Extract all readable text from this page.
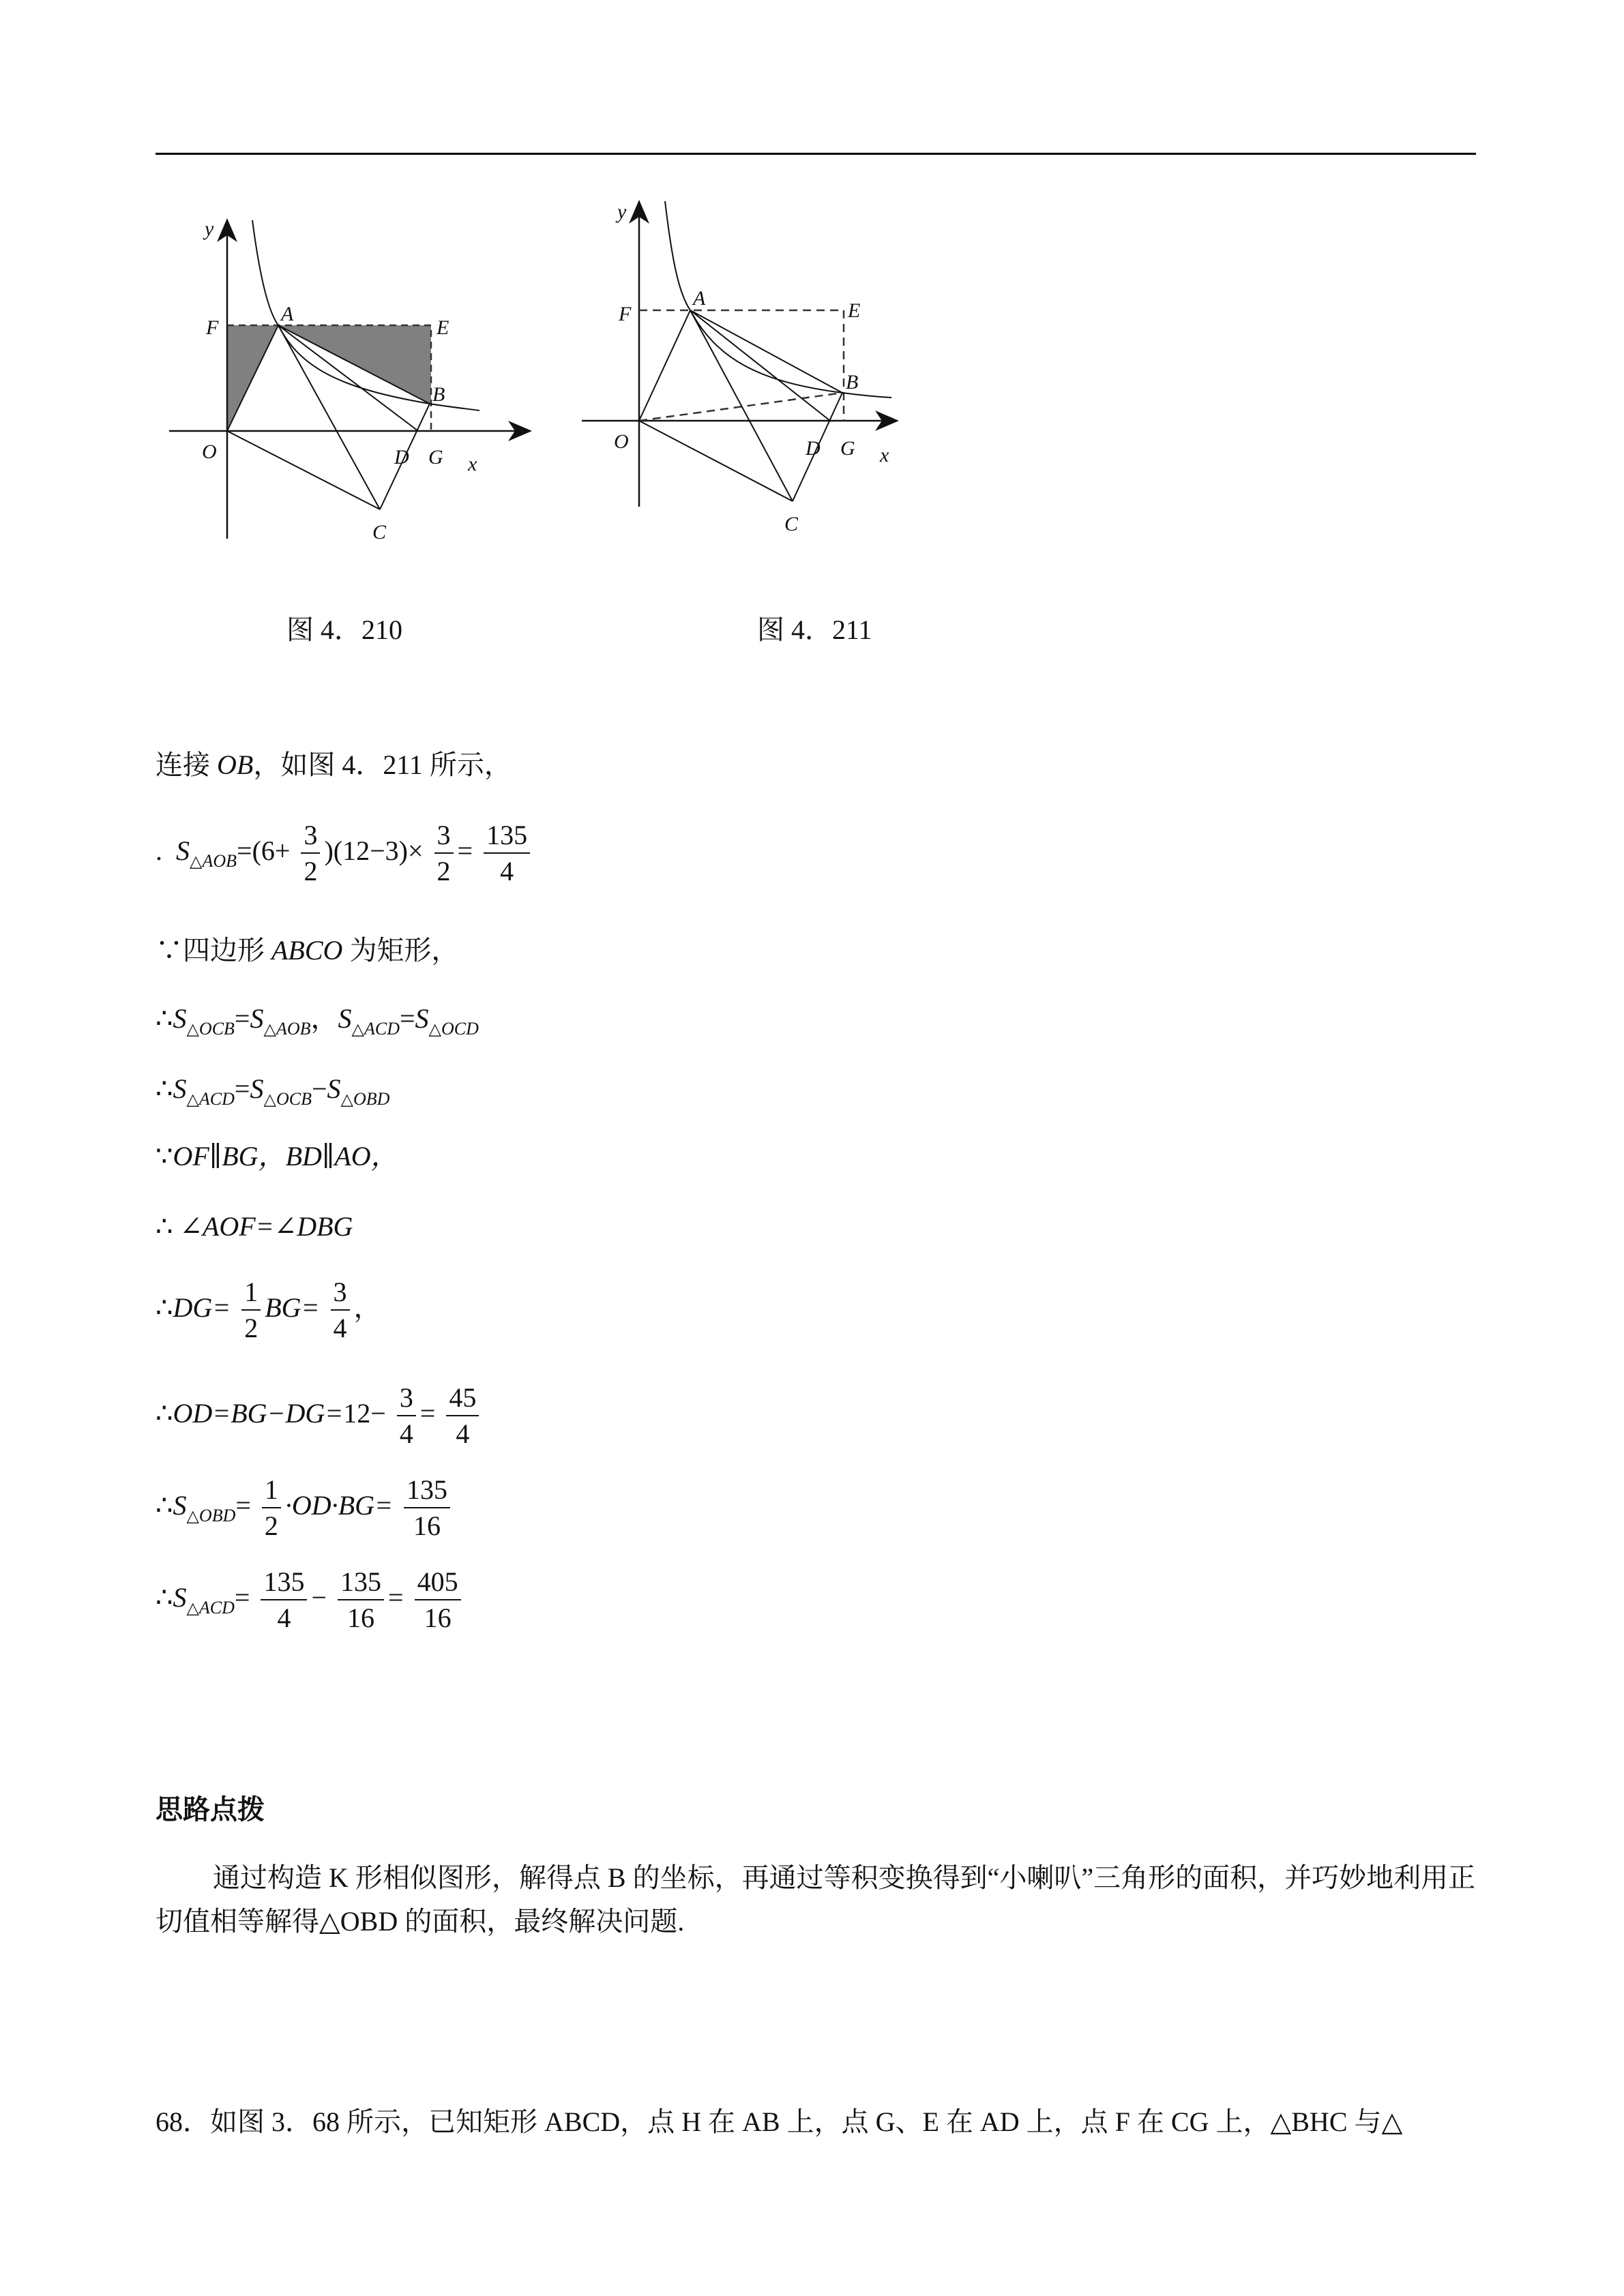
y
F
A
E
B
O	D G x
C
y
F
A
E
B
O	D G x
C
图 4．210	图 4．211
连接 OB，如图 4．211 所示，
. $S_{\triangle AOB}=(6+ \frac{3}{2} )(12-3)\times \frac{3}{2} = \frac{135}{4}$
∵四边形 ABCO 为矩形，
$\therefore S_{\triangle OCB}=S_{\triangle AOB}$，$S_{\triangle ACD}=S_{\triangle OCD}$
$\therefore S_{\triangle ACD}=S_{\triangle OCB}-S_{\triangle OBD}$
∵OF∥BG，BD∥AO，
∴ ∠AOF=∠DBG
∴DG= $\frac{1}{2} BG= \frac{3}{4}$ ，
∴OD=BG−DG=12− $\frac{3}{4} = \frac{45}{4}$
$\therefore S_{\triangle OBD}= \frac{1}{2} \cdot OD\cdot BG= \frac{135}{16}$
$\therefore S_{\triangle ACD}= \frac{135}{4} - \frac{135}{16} = \frac{405}{16}$
思路点拨
通过构造 K 形相似图形，解得点 B 的坐标，再通过等积变换得到“小喇叭”三角形的面积，并巧妙地利用正切值相等解得△OBD 的面积，最终解决问题.
68．如图 3．68 所示，已知矩形 ABCD，点 H 在 AB 上，点 G、E 在 AD 上，点 F 在 CG 上，△BHC 与△
